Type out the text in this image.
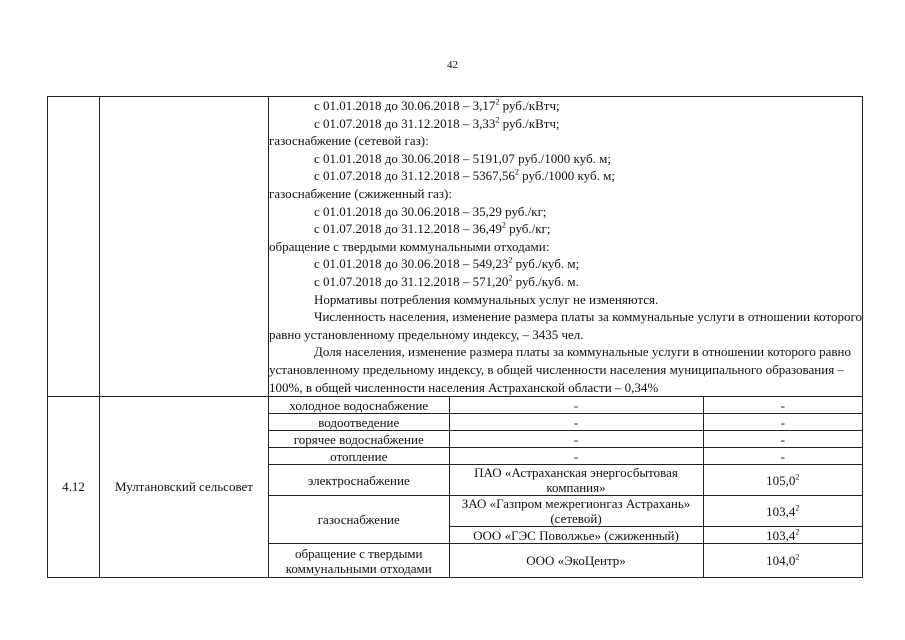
42

с 01.01.2018 до 30.06.2018 – 3,17$^2$ руб./кВтч;
с 01.07.2018 до 31.12.2018 – 3,33$^2$ руб./кВтч;
газоснабжение (сетевой газ):
с 01.01.2018 до 30.06.2018 – 5191,07 руб./1000 куб. м;
с 01.07.2018 до 31.12.2018 – 5367,56$^2$ руб./1000 куб. м;
газоснабжение (сжиженный газ):
с 01.01.2018 до 30.06.2018 – 35,29 руб./кг;
с 01.07.2018 до 31.12.2018 – 36,49$^2$ руб./кг;
обращение с твердыми коммунальными отходами:
с 01.01.2018 до 30.06.2018 – 549,23$^2$ руб./куб. м;
с 01.07.2018 до 31.12.2018 – 571,20$^2$ руб./куб. м.
Нормативы потребления коммунальных услуг не изменяются.
Численность населения, изменение размера платы за коммунальные услуги в отношении которого равно установленному предельному индексу, – 3435 чел.
Доля населения, изменение размера платы за коммунальные услуги в отношении которого равно установленному предельному индексу, в общей численности населения муниципального образования – 100%, в общей численности населения Астраханской области – 0,34%

4.12	Мултановский сельсовет	
холодное водоснабжение	-	-
водоотведение	-	-
горячее водоснабжение	-	-
отопление	-	-
электроснабжение	ПАО «Астраханская энергосбытовая компания»	105,0$^2$
газоснабжение	ЗАО «Газпром межрегионгаз Астрахань» (сетевой)	103,4$^2$
ООО «ГЭС Поволжье» (сжиженный)	103,4$^2$
обращение с твердыми коммунальными отходами	ООО «ЭкоЦентр»	104,0$^2$
